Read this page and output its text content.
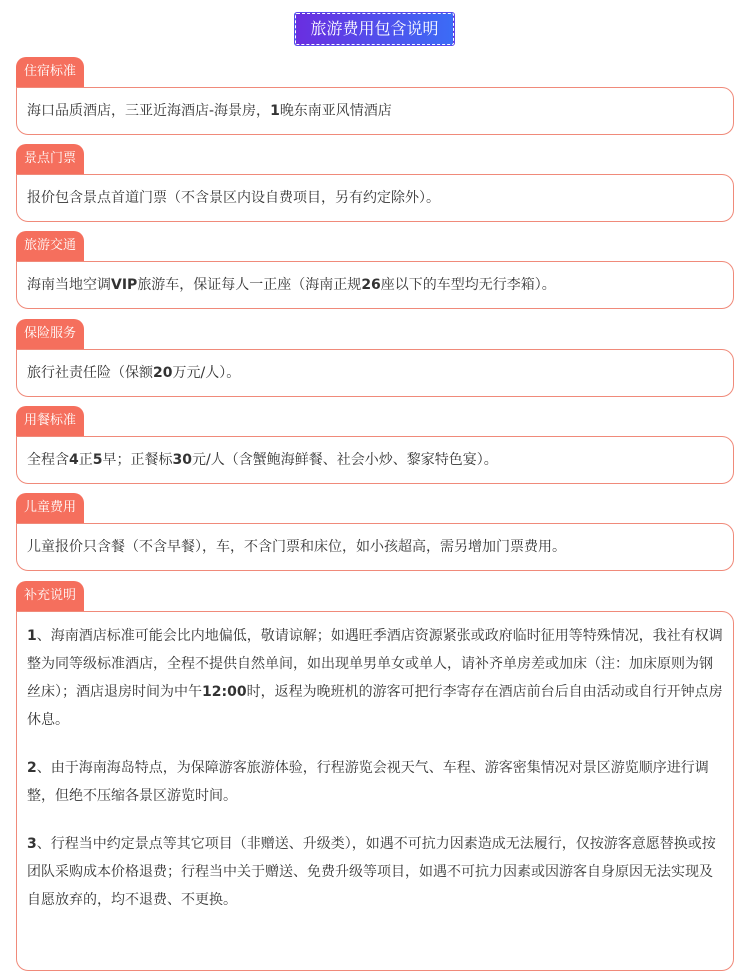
旅游费用包含说明
住宿标准

海口品质酒店，三亚近海酒店-海景房，1晚东南亚风情酒店

景点门票

报价包含景点首道门票（不含景区内设自费项目，另有约定除外）。

旅游交通

海南当地空调VIP旅游车，保证每人一正座（海南正规26座以下的车型均无行李箱）。

保险服务

旅行社责任险（保额20万元/人）。

用餐标准

全程含4正5早；正餐标30元/人（含蟹鲍海鲜餐、社会小炒、黎家特色宴）。

儿童费用

儿童报价只含餐（不含早餐），车，不含门票和床位，如小孩超高，需另增加门票费用。

补充说明

1、海南酒店标准可能会比内地偏低，敬请谅解；如遇旺季酒店资源紧张或政府临时征用等特殊情况，我社有权调整为同等级标准酒店，全程不提供自然单间，如出现单男单女或单人，请补齐单房差或加床（注：加床原则为钢丝床）；酒店退房时间为中午12:00时，返程为晚班机的游客可把行李寄存在酒店前台后自由活动或自行开钟点房休息。

2、由于海南海岛特点，为保障游客旅游体验，行程游览会视天气、车程、游客密集情况对景区游览顺序进行调整，但绝不压缩各景区游览时间。

3、行程当中约定景点等其它项目（非赠送、升级类），如遇不可抗力因素造成无法履行，仅按游客意愿替换或按团队采购成本价格退费；行程当中关于赠送、免费升级等项目，如遇不可抗力因素或因游客自身原因无法实现及自愿放弃的，均不退费、不更换。
